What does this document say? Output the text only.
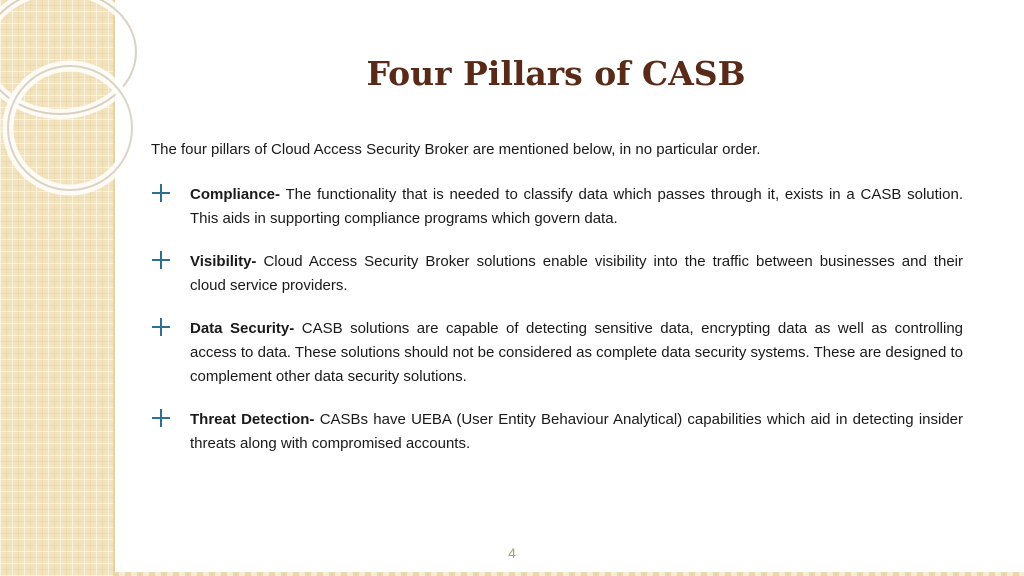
Four Pillars of CASB

The four pillars of Cloud Access Security Broker are mentioned below, in no particular order.

Compliance- The functionality that is needed to classify data which passes through it, exists in a CASB solution. This aids in supporting compliance programs which govern data.
Visibility- Cloud Access Security Broker solutions enable visibility into the traffic between businesses and their cloud service providers.
Data Security- CASB solutions are capable of detecting sensitive data, encrypting data as well as controlling access to data. These solutions should not be considered as complete data security systems. These are designed to complement other data security solutions.
Threat Detection- CASBs have UEBA (User Entity Behaviour Analytical) capabilities which aid in detecting insider threats along with compromised accounts.
4
